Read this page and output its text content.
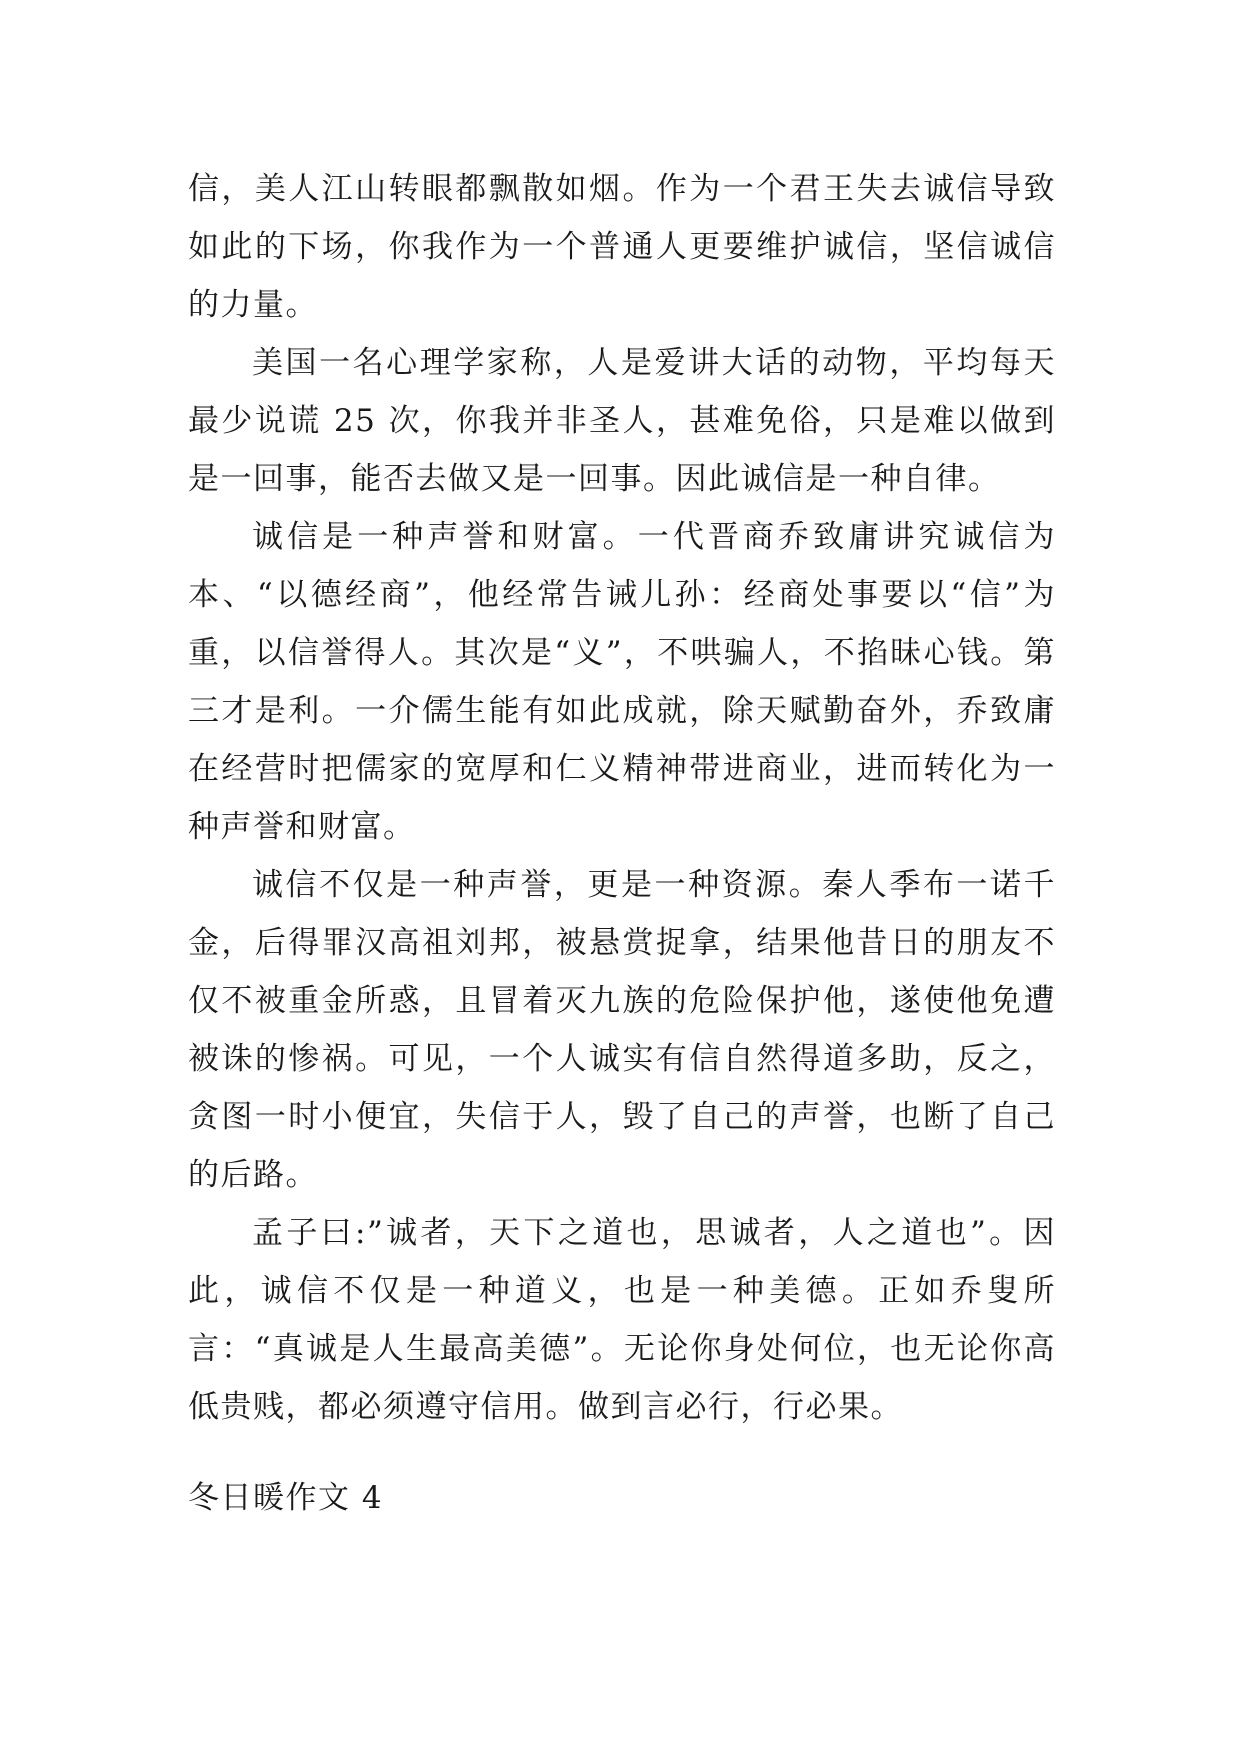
信，美人江山转眼都飘散如烟。作为一个君王失去诚信导致如此的下场，你我作为一个普通人更要维护诚信，坚信诚信的力量。

美国一名心理学家称，人是爱讲大话的动物，平均每天最少说谎 25 次，你我并非圣人，甚难免俗，只是难以做到是一回事，能否去做又是一回事。因此诚信是一种自律。

诚信是一种声誉和财富。一代晋商乔致庸讲究诚信为本、“以德经商”，他经常告诫儿孙：经商处事要以“信”为重，以信誉得人。其次是“义”，不哄骗人，不掐昧心钱。第三才是利。一介儒生能有如此成就，除天赋勤奋外，乔致庸在经营时把儒家的宽厚和仁义精神带进商业，进而转化为一种声誉和财富。

诚信不仅是一种声誉，更是一种资源。秦人季布一诺千金，后得罪汉高祖刘邦，被悬赏捉拿，结果他昔日的朋友不仅不被重金所惑，且冒着灭九族的危险保护他，遂使他免遭被诛的惨祸。可见，一个人诚实有信自然得道多助，反之，贪图一时小便宜，失信于人，毁了自己的声誉，也断了自己的后路。

孟子曰:”诚者，天下之道也，思诚者，人之道也”。因此，诚信不仅是一种道义，也是一种美德。正如乔叟所言：“真诚是人生最高美德”。无论你身处何位，也无论你高低贵贱，都必须遵守信用。做到言必行，行必果。

冬日暖作文 4
